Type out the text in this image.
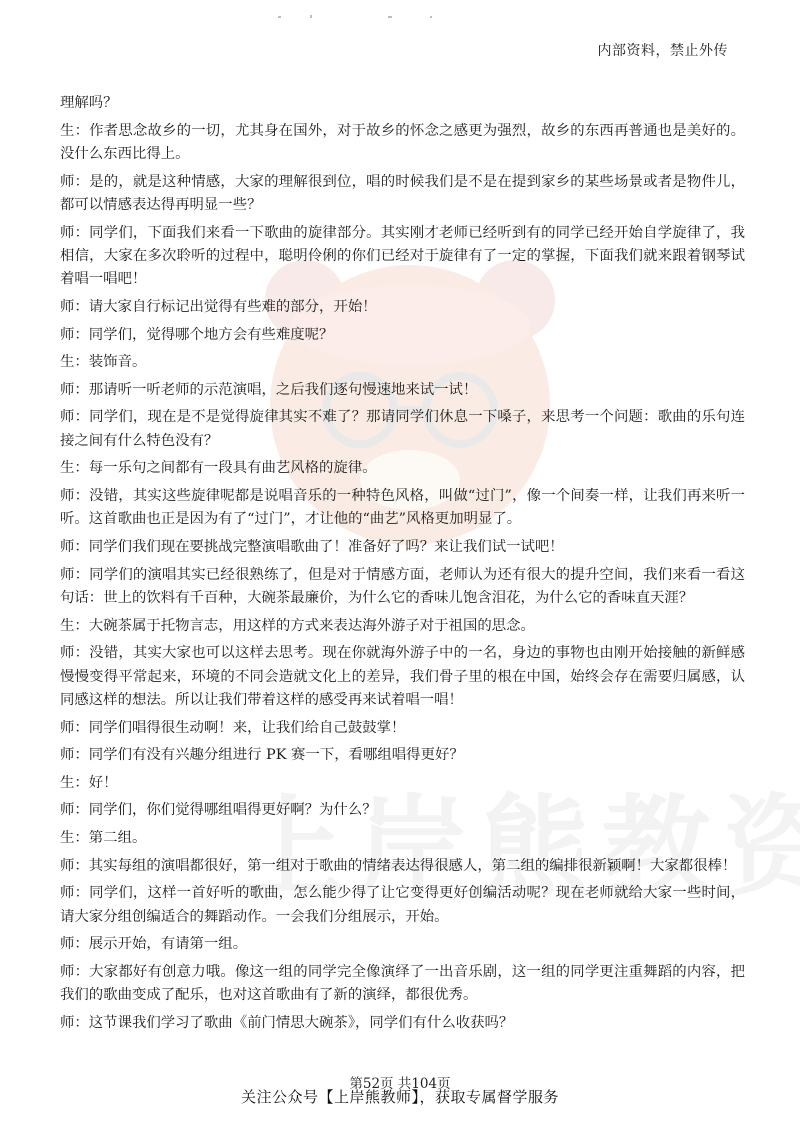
内部资料，禁止外传

理解吗？

生：作者思念故乡的一切，尤其身在国外，对于故乡的怀念之感更为强烈，故乡的东西再普通也是美好的。没什么东西比得上。

师：是的，就是这种情感，大家的理解很到位，唱的时候我们是不是在提到家乡的某些场景或者是物件儿，都可以情感表达得再明显一些？

师：同学们，下面我们来看一下歌曲的旋律部分。其实刚才老师已经听到有的同学已经开始自学旋律了，我相信，大家在多次聆听的过程中，聪明伶俐的你们已经对于旋律有了一定的掌握，下面我们就来跟着钢琴试着唱一唱吧！

师：请大家自行标记出觉得有些难的部分，开始！

师：同学们，觉得哪个地方会有些难度呢？

生：装饰音。

师：那请听一听老师的示范演唱，之后我们逐句慢速地来试一试！

师：同学们，现在是不是觉得旋律其实不难了？那请同学们休息一下嗓子，来思考一个问题：歌曲的乐句连接之间有什么特色没有？

生：每一乐句之间都有一段具有曲艺风格的旋律。

师：没错，其实这些旋律呢都是说唱音乐的一种特色风格，叫做“过门”，像一个间奏一样，让我们再来听一听。这首歌曲也正是因为有了“过门”，才让他的“曲艺”风格更加明显了。

师：同学们我们现在要挑战完整演唱歌曲了！准备好了吗？来让我们试一试吧！

师：同学们的演唱其实已经很熟练了，但是对于情感方面，老师认为还有很大的提升空间，我们来看一看这句话：世上的饮料有千百种，大碗茶最廉价，为什么它的香味儿饱含泪花，为什么它的香味直天涯？

生：大碗茶属于托物言志，用这样的方式来表达海外游子对于祖国的思念。

师：没错，其实大家也可以这样去思考。现在你就海外游子中的一名，身边的事物也由刚开始接触的新鲜感慢慢变得平常起来，环境的不同会造就文化上的差异，我们骨子里的根在中国，始终会存在需要归属感，认同感这样的想法。所以让我们带着这样的感受再来试着唱一唱！

师：同学们唱得很生动啊！来，让我们给自己鼓鼓掌！

师：同学们有没有兴趣分组进行 PK 赛一下，看哪组唱得更好？

生：好！

师：同学们，你们觉得哪组唱得更好啊？为什么？

生：第二组。

师：其实每组的演唱都很好，第一组对于歌曲的情绪表达得很感人，第二组的编排很新颖啊！大家都很棒！

师：同学们，这样一首好听的歌曲，怎么能少得了让它变得更好创编活动呢？现在老师就给大家一些时间，请大家分组创编适合的舞蹈动作。一会我们分组展示，开始。

师：展示开始，有请第一组。

师：大家都好有创意力哦。像这一组的同学完全像演绎了一出音乐剧，这一组的同学更注重舞蹈的内容，把我们的歌曲变成了配乐，也对这首歌曲有了新的演绎，都很优秀。

师：这节课我们学习了歌曲《前门情思大碗茶》，同学们有什么收获吗？

第52页 共104页
关注公众号【上岸熊教师】，获取专属督学服务
